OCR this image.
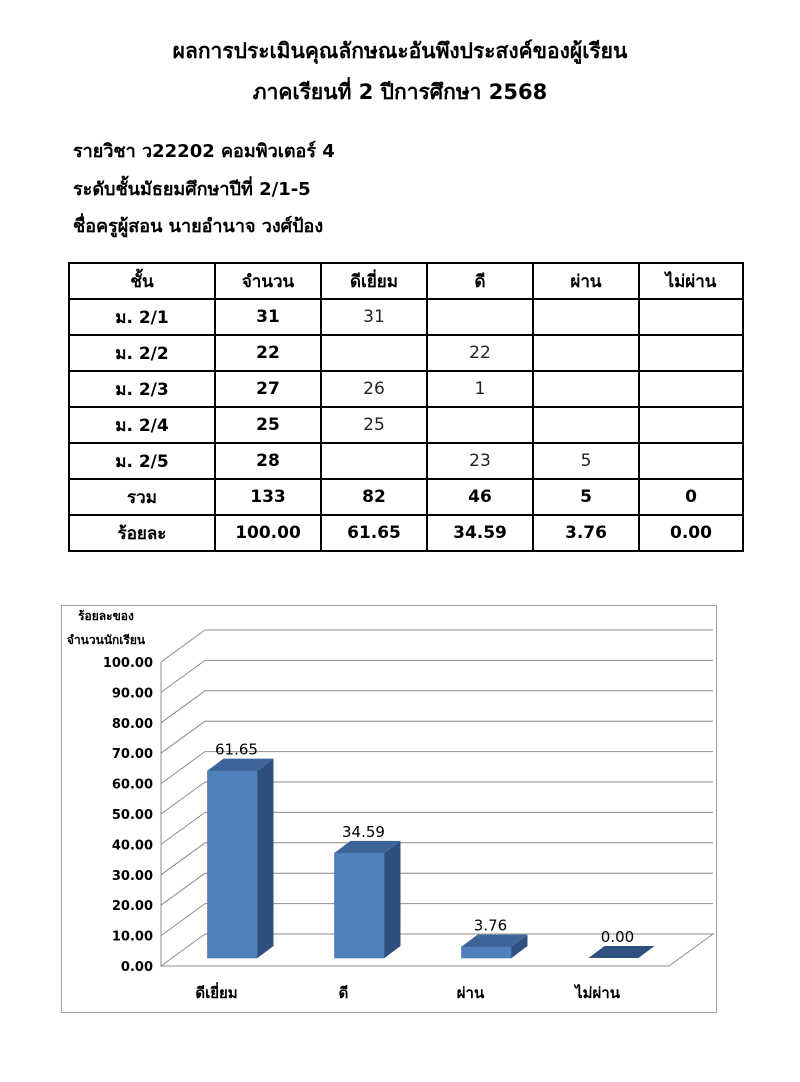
ผลการประเมินคุณลักษณะอันพึงประสงค์ของผู้เรียน
ภาคเรียนที่ 2 ปีการศึกษา 2568
รายวิชา ว22202 คอมพิวเตอร์ 4
ระดับชั้นมัธยมศึกษาปีที่ 2/1-5
ชื่อครูผู้สอน นายอำนาจ วงศ์ป้อง
ชั้น	จำนวน	ดีเยี่ยม	ดี	ผ่าน	ไม่ผ่าน
ม. 2/1	31	31			
ม. 2/2	22		22		
ม. 2/3	27	26	1		
ม. 2/4	25	25			
ม. 2/5	28		23	5	
รวม	133	82	46	5	0
ร้อยละ	100.00	61.65	34.59	3.76	0.00
ร้อยละของ
จำนวนนักเรียน
0.00
10.00
20.00
30.00
40.00
50.00
60.00
70.00
80.00
90.00
100.00
61.65
34.59
3.76
0.00
ดีเยี่ยม	ดี	ผ่าน	ไม่ผ่าน
